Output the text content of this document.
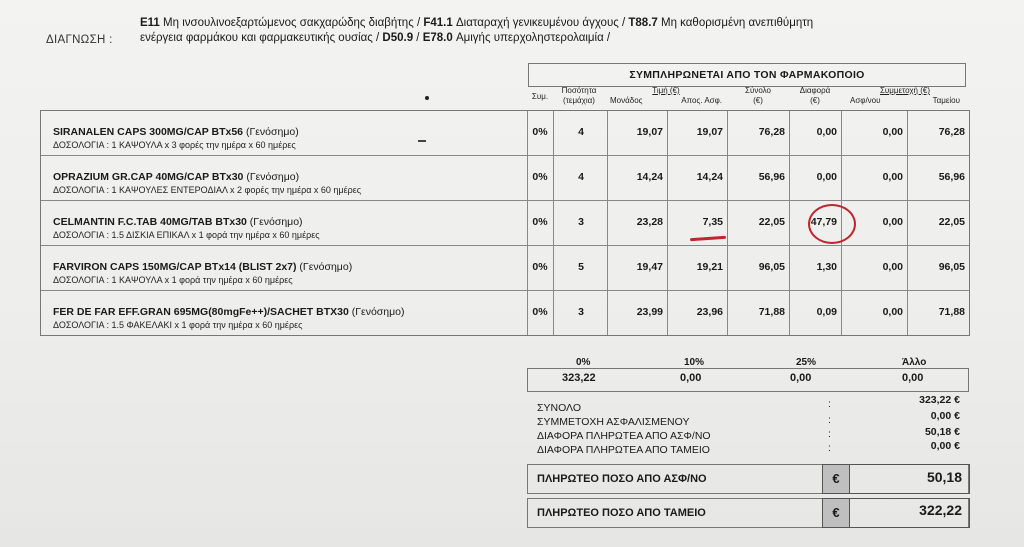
ΔΙΑΓΝΩΣΗ :
E11 Μη ινσουλινοεξαρτώμενος σακχαρώδης διαβήτης / F41.1 Διαταραχή γενικευμένου άγχους / T88.7 Μη καθορισμένη ανεπιθύμητη
ενέργεια φαρμάκου και φαρμακευτικής ουσίας / D50.9 / E78.0 Αμιγής υπερχοληστερολαιμία /
ΣΥΜΠΛΗΡΩΝΕΤΑΙ ΑΠΟ ΤΟΝ ΦΑΡΜΑΚΟΠΟΙΟ
Συμ.
Ποσότητα
(τεμάχια)
Τιμή (€)
Μονάδος	Απος. Ασφ.
Σύνολο
(€)
Διαφορά
(€)
Συμμετοχή (€)
Ασφ/νου	Ταμείου
SIRANALEN CAPS 300MG/CAP BTx56 (Γενόσημο)
ΔΟΣΟΛΟΓΙΑ : 1 ΚΑΨΟΥΛΑ x 3 φορές την ημέρα x 60 ημέρες
0%	4	19,07	19,07	76,28	0,00	0,00	76,28
OPRAZIUM GR.CAP 40MG/CAP BTx30 (Γενόσημο)
ΔΟΣΟΛΟΓΙΑ : 1 ΚΑΨΟΥΛΕΣ ΕΝΤΕΡΟΔΙΑΛ x 2 φορές την ημέρα x 60 ημέρες
0%	4	14,24	14,24	56,96	0,00	0,00	56,96
CELMANTIN F.C.TAB 40MG/TAB BTx30 (Γενόσημο)
ΔΟΣΟΛΟΓΙΑ : 1.5 ΔΙΣΚΙΑ ΕΠΙΚΑΛ x 1 φορά την ημέρα x 60 ημέρες
0%	3	23,28	7,35	22,05	47,79	0,00	22,05
FARVIRON CAPS 150MG/CAP BTx14 (BLIST 2x7) (Γενόσημο)
ΔΟΣΟΛΟΓΙΑ : 1 ΚΑΨΟΥΛΑ x 1 φορά την ημέρα x 60 ημέρες
0%	5	19,47	19,21	96,05	1,30	0,00	96,05
FER DE FAR EFF.GRAN 695MG(80mgFe++)/SACHET BTX30 (Γενόσημο)
ΔΟΣΟΛΟΓΙΑ : 1.5 ΦΑΚΕΛΑΚΙ x 1 φορά την ημέρα x 60 ημέρες
0%	3	23,99	23,96	71,88	0,09	0,00	71,88
0%	10%	25%	Άλλο
323,22	0,00	0,00	0,00
ΣΥΝΟΛΟ	:	323,22 €
ΣΥΜΜΕΤΟΧΗ ΑΣΦΑΛΙΣΜΕΝΟΥ	:	0,00 €
ΔΙΑΦΟΡΑ ΠΛΗΡΩΤΕΑ ΑΠΟ ΑΣΦ/ΝΟ	:	50,18 €
ΔΙΑΦΟΡΑ ΠΛΗΡΩΤΕΑ ΑΠΟ ΤΑΜΕΙΟ	:	0,00 €
ΠΛΗΡΩΤΕΟ ΠΟΣΟ ΑΠΟ ΑΣΦ/ΝΟ	€	50,18
ΠΛΗΡΩΤΕΟ ΠΟΣΟ ΑΠΟ ΤΑΜΕΙΟ	€	322,22
